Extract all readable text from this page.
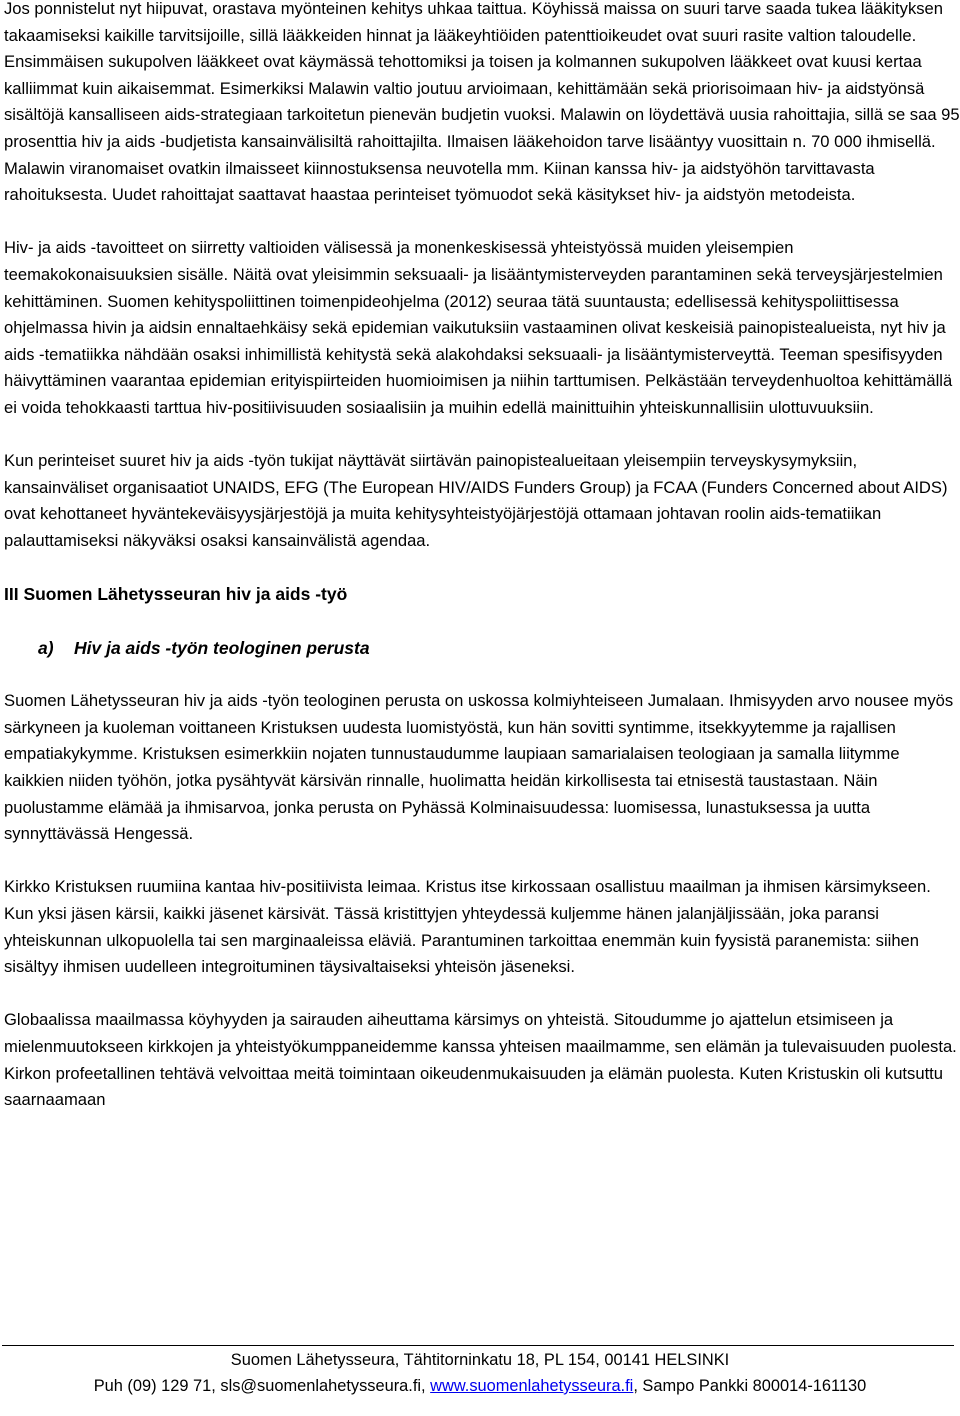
Jos ponnistelut nyt hiipuvat, orastava myönteinen kehitys uhkaa taittua. Köyhissä maissa on suuri tarve saada tukea lääkityksen takaamiseksi kaikille tarvitsijoille, sillä lääkkeiden hinnat ja lääkeyhtiöiden patenttioikeudet ovat suuri rasite valtion taloudelle. Ensimmäisen sukupolven lääkkeet ovat käymässä tehottomiksi ja toisen ja kolmannen sukupolven lääkkeet ovat kuusi kertaa kalliimmat kuin aikaisemmat. Esimerkiksi Malawin valtio joutuu arvioimaan, kehittämään sekä priorisoimaan hiv- ja aidstyönsä sisältöjä kansalliseen aids-strategiaan tarkoitetun pienevän budjetin vuoksi. Malawin on löydettävä uusia rahoittajia, sillä se saa 95 prosenttia hiv ja aids -budjetista kansainvälisiltä rahoittajilta. Ilmaisen lääkehoidon tarve lisääntyy vuosittain n. 70 000 ihmisellä. Malawin viranomaiset ovatkin ilmaisseet kiinnostuksensa neuvotella mm. Kiinan kanssa hiv- ja aidstyöhön tarvittavasta rahoituksesta. Uudet rahoittajat saattavat haastaa perinteiset työmuodot sekä käsitykset hiv- ja aidstyön metodeista.

Hiv- ja aids -tavoitteet on siirretty valtioiden välisessä ja monenkeskisessä yhteistyössä muiden yleisempien teemakokonaisuuksien sisälle. Näitä ovat yleisimmin seksuaali- ja lisääntymisterveyden parantaminen sekä terveysjärjestelmien kehittäminen. Suomen kehityspoliittinen toimenpideohjelma (2012) seuraa tätä suuntausta; edellisessä kehityspoliittisessa ohjelmassa hivin ja aidsin ennaltaehkäisy sekä epidemian vaikutuksiin vastaaminen olivat keskeisiä painopistealueista, nyt hiv ja aids -tematiikka nähdään osaksi inhimillistä kehitystä sekä alakohdaksi seksuaali- ja lisääntymisterveyttä. Teeman spesifisyyden häivyttäminen vaarantaa epidemian erityispiirteiden huomioimisen ja niihin tarttumisen. Pelkästään terveydenhuoltoa kehittämällä ei voida tehokkaasti tarttua hiv-positiivisuuden sosiaalisiin ja muihin edellä mainittuihin yhteiskunnallisiin ulottuvuuksiin.

Kun perinteiset suuret hiv ja aids -työn tukijat näyttävät siirtävän painopistealueitaan yleisempiin terveyskysymyksiin, kansainväliset organisaatiot UNAIDS, EFG (The European HIV/AIDS Funders Group) ja FCAA (Funders Concerned about AIDS) ovat kehottaneet hyväntekeväisyysjärjestöjä ja muita kehitysyhteistyöjärjestöjä ottamaan johtavan roolin aids-tematiikan palauttamiseksi näkyväksi osaksi kansainvälistä agendaa.

III Suomen Lähetysseuran hiv ja aids -työ
a) Hiv ja aids -työn teologinen perusta

Suomen Lähetysseuran hiv ja aids -työn teologinen perusta on uskossa kolmiyhteiseen Jumalaan. Ihmisyyden arvo nousee myös särkyneen ja kuoleman voittaneen Kristuksen uudesta luomistyöstä, kun hän sovitti syntimme, itsekkyytemme ja rajallisen empatiakykymme. Kristuksen esimerkkiin nojaten tunnustaudumme laupiaan samarialaisen teologiaan ja samalla liitymme kaikkien niiden työhön, jotka pysähtyvät kärsivän rinnalle, huolimatta heidän kirkollisesta tai etnisestä taustastaan. Näin puolustamme elämää ja ihmisarvoa, jonka perusta on Pyhässä Kolminaisuudessa: luomisessa, lunastuksessa ja uutta synnyttävässä Hengessä.

Kirkko Kristuksen ruumiina kantaa hiv-positiivista leimaa. Kristus itse kirkossaan osallistuu maailman ja ihmisen kärsimykseen. Kun yksi jäsen kärsii, kaikki jäsenet kärsivät. Tässä kristittyjen yhteydessä kuljemme hänen jalanjäljissään, joka paransi yhteiskunnan ulkopuolella tai sen marginaaleissa eläviä. Parantuminen tarkoittaa enemmän kuin fyysistä paranemista: siihen sisältyy ihmisen uudelleen integroituminen täysivaltaiseksi yhteisön jäseneksi.

Globaalissa maailmassa köyhyyden ja sairauden aiheuttama kärsimys on yhteistä. Sitoudumme jo ajattelun etsimiseen ja mielenmuutokseen kirkkojen ja yhteistyökumppaneidemme kanssa yhteisen maailmamme, sen elämän ja tulevaisuuden puolesta. Kirkon profeetallinen tehtävä velvoittaa meitä toimintaan oikeudenmukaisuuden ja elämän puolesta. Kuten Kristuskin oli kutsuttu saarnaamaan

Suomen Lähetysseura, Tähtitorninkatu 18, PL 154, 00141 HELSINKI
Puh (09) 129 71, sls@suomenlahetysseura.fi, www.suomenlahetysseura.fi, Sampo Pankki 800014-161130
